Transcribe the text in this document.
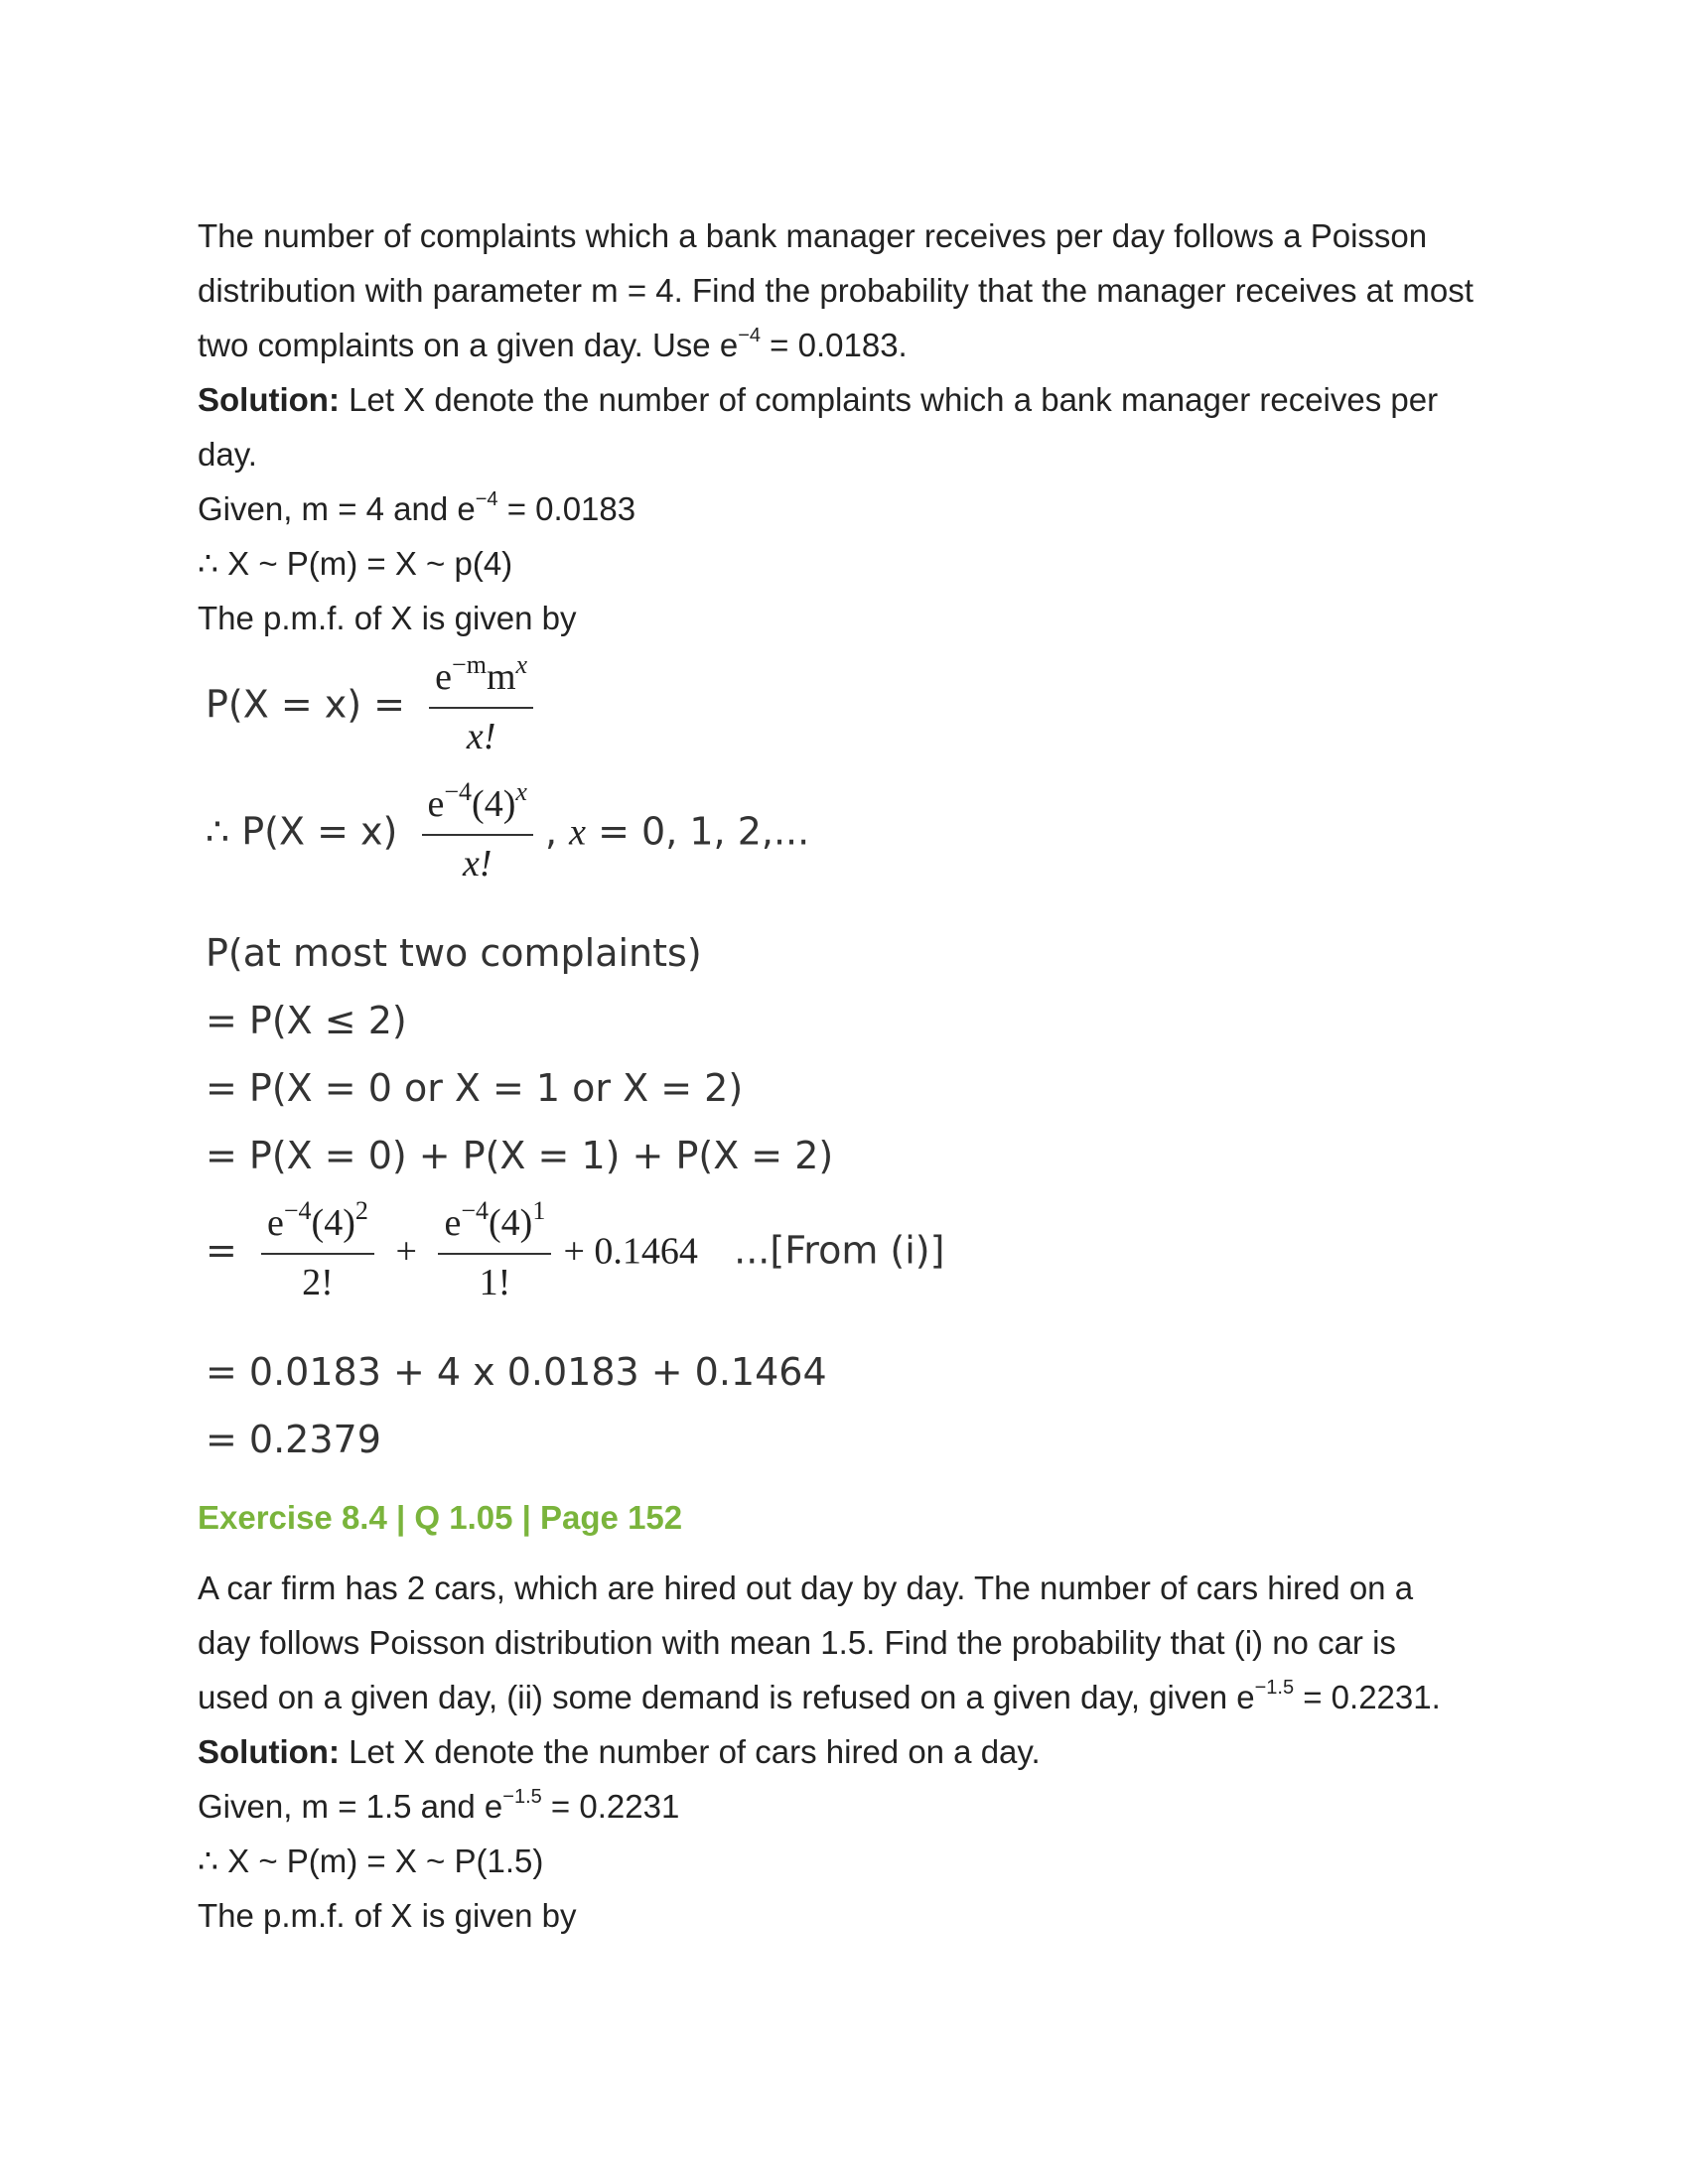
The number of complaints which a bank manager receives per day follows a Poisson

distribution with parameter m = 4. Find the probability that the manager receives at most

two complaints on a given day. Use $e^{-4} = 0.0183$.

Solution: Let X denote the number of complaints which a bank manager receives per

day.

Given, m = 4 and $e^{-4} = 0.0183$

∴ X ~ P(m) = X ~ p(4)

The p.m.f. of X is given by

$P(X = x) = \frac{e^{-m}m^x}{x!}$
∴ $P(X = x) \frac{e^{-4}(4)^x}{x!}$ , x = 0, 1, 2,...
P(at most two complaints)
= P(X ≤ 2)
= P(X = 0 or X = 1 or X = 2)
= P(X = 0) + P(X = 1) + P(X = 2)
= $\frac{e^{-4}(4)^2}{2!} + \frac{e^{-4}(4)^1}{1!} + 0.1464$ ...[From (i)]
= 0.0183 + 4 x 0.0183 + 0.1464
= 0.2379
Exercise 8.4 | Q 1.05 | Page 152

A car firm has 2 cars, which are hired out day by day. The number of cars hired on a

day follows Poisson distribution with mean 1.5. Find the probability that (i) no car is

used on a given day, (ii) some demand is refused on a given day, given $e^{-1.5} = 0.2231$.

Solution: Let X denote the number of cars hired on a day.

Given, m = 1.5 and $e^{-1.5} = 0.2231$

∴ X ~ P(m) = X ~ P(1.5)

The p.m.f. of X is given by
